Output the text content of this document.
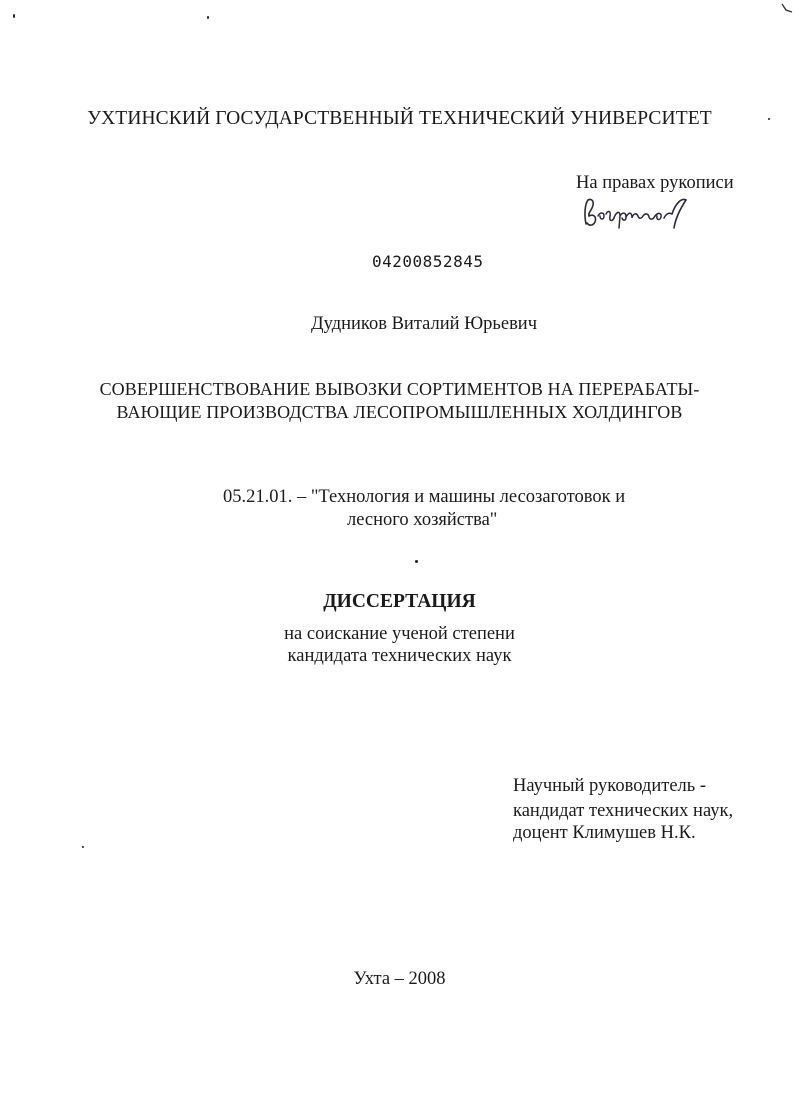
УХТИНСКИЙ ГОСУДАРСТВЕННЫЙ ТЕХНИЧЕСКИЙ УНИВЕРСИТЕТ
На правах рукописи
04200852845
Дудников Виталий Юрьевич
СОВЕРШЕНСТВОВАНИЕ ВЫВОЗКИ СОРТИМЕНТОВ НА ПЕРЕРАБАТЫ-
ВАЮЩИЕ ПРОИЗВОДСТВА ЛЕСОПРОМЫШЛЕННЫХ ХОЛДИНГОВ
05.21.01. – "Технология и машины лесозаготовок и
лесного хозяйства"
ДИССЕРТАЦИЯ
на соискание ученой степени
кандидата технических наук
Научный руководитель -
кандидат технических наук,
доцент Климушев Н.К.
Ухта – 2008
